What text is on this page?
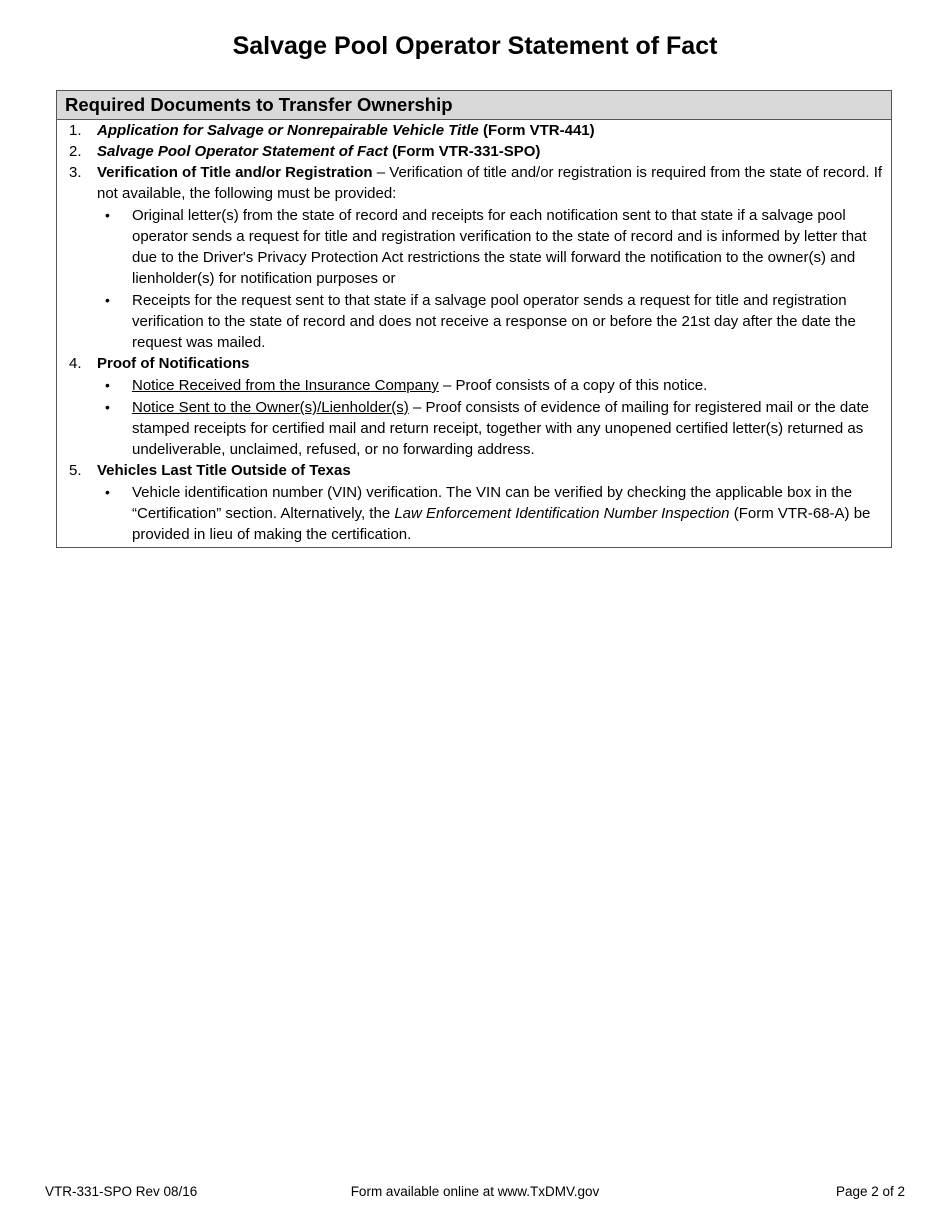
Salvage Pool Operator Statement of Fact
Required Documents to Transfer Ownership
1. Application for Salvage or Nonrepairable Vehicle Title (Form VTR-441)
2. Salvage Pool Operator Statement of Fact (Form VTR-331-SPO)
3. Verification of Title and/or Registration – Verification of title and/or registration is required from the state of record. If not available, the following must be provided:
• Original letter(s) from the state of record and receipts for each notification sent to that state if a salvage pool operator sends a request for title and registration verification to the state of record and is informed by letter that due to the Driver's Privacy Protection Act restrictions the state will forward the notification to the owner(s) and lienholder(s) for notification purposes or
• Receipts for the request sent to that state if a salvage pool operator sends a request for title and registration verification to the state of record and does not receive a response on or before the 21st day after the date the request was mailed.
4. Proof of Notifications
• Notice Received from the Insurance Company – Proof consists of a copy of this notice.
• Notice Sent to the Owner(s)/Lienholder(s) – Proof consists of evidence of mailing for registered mail or the date stamped receipts for certified mail and return receipt, together with any unopened certified letter(s) returned as undeliverable, unclaimed, refused, or no forwarding address.
5. Vehicles Last Title Outside of Texas
• Vehicle identification number (VIN) verification. The VIN can be verified by checking the applicable box in the “Certification” section. Alternatively, the Law Enforcement Identification Number Inspection (Form VTR-68-A) be provided in lieu of making the certification.
VTR-331-SPO Rev 08/16	Form available online at www.TxDMV.gov	Page 2 of 2
